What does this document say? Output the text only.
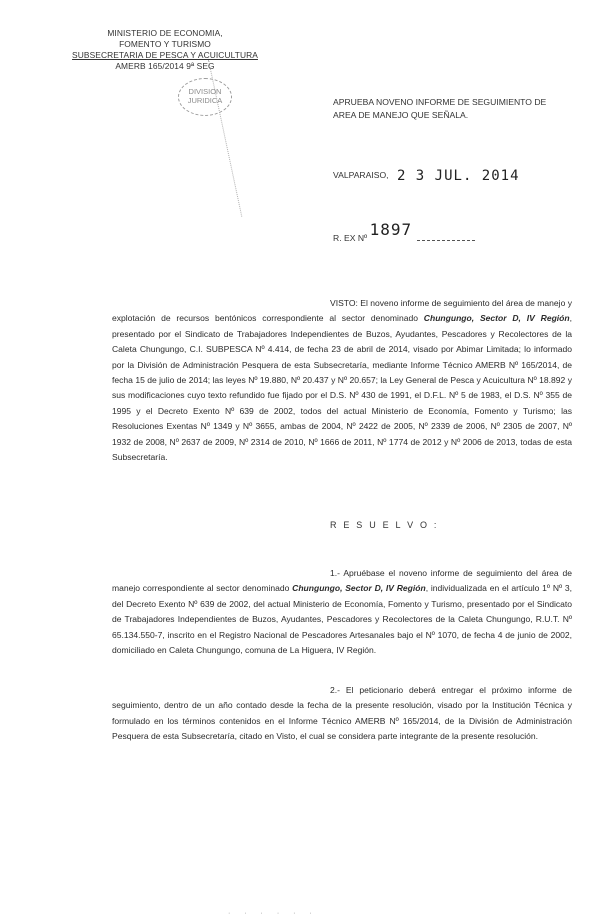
MINISTERIO DE ECONOMIA,
FOMENTO Y TURISMO
SUBSECRETARIA DE PESCA Y ACUICULTURA
AMERB 165/2014 9ª SEG
DIVISION
JURIDICA	APRUEBA NOVENO INFORME DE SEGUIMIENTO DE AREA DE MANEJO QUE SEÑALA.
VALPARAISO, 2 3 JUL. 2014
R. EX Nº 1897
VISTO: El noveno informe de seguimiento del área de manejo y explotación de recursos bentónicos correspondiente al sector denominado Chungungo, Sector D, IV Región, presentado por el Sindicato de Trabajadores Independientes de Buzos, Ayudantes, Pescadores y Recolectores de la Caleta Chungungo, C.I. SUBPESCA Nº 4.414, de fecha 23 de abril de 2014, visado por Abimar Limitada; lo informado por la División de Administración Pesquera de esta Subsecretaría, mediante Informe Técnico AMERB Nº 165/2014, de fecha 15 de julio de 2014; las leyes Nº 19.880, Nº 20.437 y Nº 20.657; la Ley General de Pesca y Acuicultura Nº 18.892 y sus modificaciones cuyo texto refundido fue fijado por el D.S. Nº 430 de 1991, el D.F.L. Nº 5 de 1983, el D.S. Nº 355 de 1995 y el Decreto Exento Nº 639 de 2002, todos del actual Ministerio de Economía, Fomento y Turismo; las Resoluciones Exentas Nº 1349 y Nº 3655, ambas de 2004, Nº 2422 de 2005, Nº 2339 de 2006, Nº 2305 de 2007, Nº 1932 de 2008, Nº 2637 de 2009, Nº 2314 de 2010, Nº 1666 de 2011, Nº 1774 de 2012 y Nº 2006 de 2013, todas de esta Subsecretaría.
R E S U E L V O :
1.- Apruébase el noveno informe de seguimiento del área de manejo correspondiente al sector denominado Chungungo, Sector D, IV Región, individualizada en el artículo 1º Nº 3, del Decreto Exento Nº 639 de 2002, del actual Ministerio de Economía, Fomento y Turismo, presentado por el Sindicato de Trabajadores Independientes de Buzos, Ayudantes, Pescadores y Recolectores de la Caleta Chungungo, R.U.T. Nº 65.134.550-7, inscrito en el Registro Nacional de Pescadores Artesanales bajo el Nº 1070, de fecha 4 de junio de 2002, domiciliado en Caleta Chungungo, comuna de La Higuera, IV Región.
2.- El peticionario deberá entregar el próximo informe de seguimiento, dentro de un año contado desde la fecha de la presente resolución, visado por la Institución Técnica y formulado en los términos contenidos en el Informe Técnico AMERB Nº 165/2014, de la División de Administración Pesquera de esta Subsecretaría, citado en Visto, el cual se considera parte integrante de la presente resolución.
· · · · · ·
